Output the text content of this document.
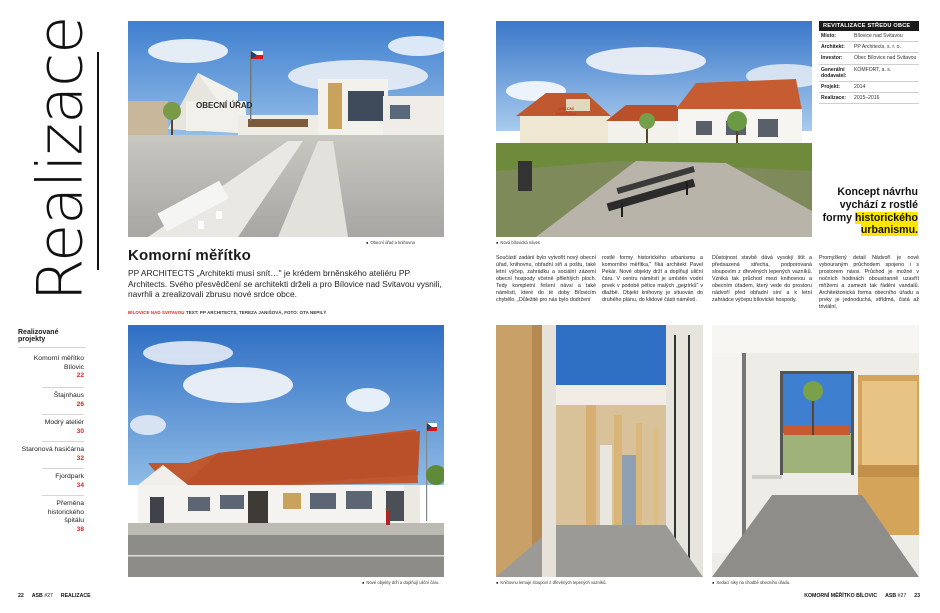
Realizace	OBECNÍ ÚŘAD
● Obecní úřad a knihovna
Komorní měřítko
PP ARCHITECTS „Architekti musí snít…" je krédem brněnského ateliéru PP Architects. Svého přesvědčení se architekti drželi a pro Bílovice nad Svitavou vysnili, navrhli a zrealizovali zbrusu nové srdce obce.
BÍLOVICE NAD SVITAVOU TEXT: PP ARCHITECTS, TEREZA JANIŠOVÁ, FOTO: OTA NEPILÝ
Realizované projekty
Komorní měřítko Bílovic
22
Štajnhaus
26
Modrý ateliér
30
Staronová hasičárna
32
Fjordpark
34
Přeměna historického špitálu
38
● Nové objekty drží a doplňují uliční čáru.
22 ASB #27 REALIZACE
OBECNÍ HOSPODA
● Nová bílovická náves
REVITALIZACE STŘEDU OBCE
Místo:	Bílovice nad Svitavou
Architekt:	PP Architects, s. r. o.
Investor:	Obec Bílovice nad Svitavou
Generální dodavatel:
KOMFORT, a. s.
Projekt:	2014
Realizace:	2015–2016
Koncept návrhu
vychází z rostlé
formy historického
urbanismu.
Součástí zadání bylo vytvořit nový obecní úřad, knihovnu, obřadní síň a poštu, také letní výčep, zahrádku a sociální zázemí obecní hospody včetně přilehlých ploch. Tedy kompletní řešení návsi a také náměstí, které do té doby Bílovicím chybělo. „Důležité pro nás bylo dodržení
rostlé formy historického urbanismu a komorního měřítka," říká architekt Pavel Pekár. Nové objekty drží a doplňují uliční čáru. V centru náměstí je umístěn vodní prvek v podobě pětice malých „gejzírků" v dlažbě. Objekt knihovny je situován do druhého plánu, do klidové části náměstí.
Důstojnost stavbě dává vysoký štít a předsazená střecha, podporovaná sloupovím z dřevěných lepených vazníků. Vzniká tak průchod mezi knihovnou a obecním úřadem, který vede do prostoru nádvoří před obřadní síní a k letní zahrádce výčepu bílovické hospody.
Promyšlený detail Nádvoří je nově vybouraným průchodem spojeno i s prostorem návsi. Průchod je možné v nočních hodinách oboustranně uzavřít mřížemi a zamezit tak řádění vandalů. Architektonická forma obecního úřadu a prvky je jednoduchá, střídmá, čistá až triviální,
● Knihovnu lemuje sloupoví z dřevěných lepených vazníků.	● Sedací niky na chodbě obecního úřadu.
KOMORNÍ MĚŘÍTKO BÍLOVIC ASB #27 23
